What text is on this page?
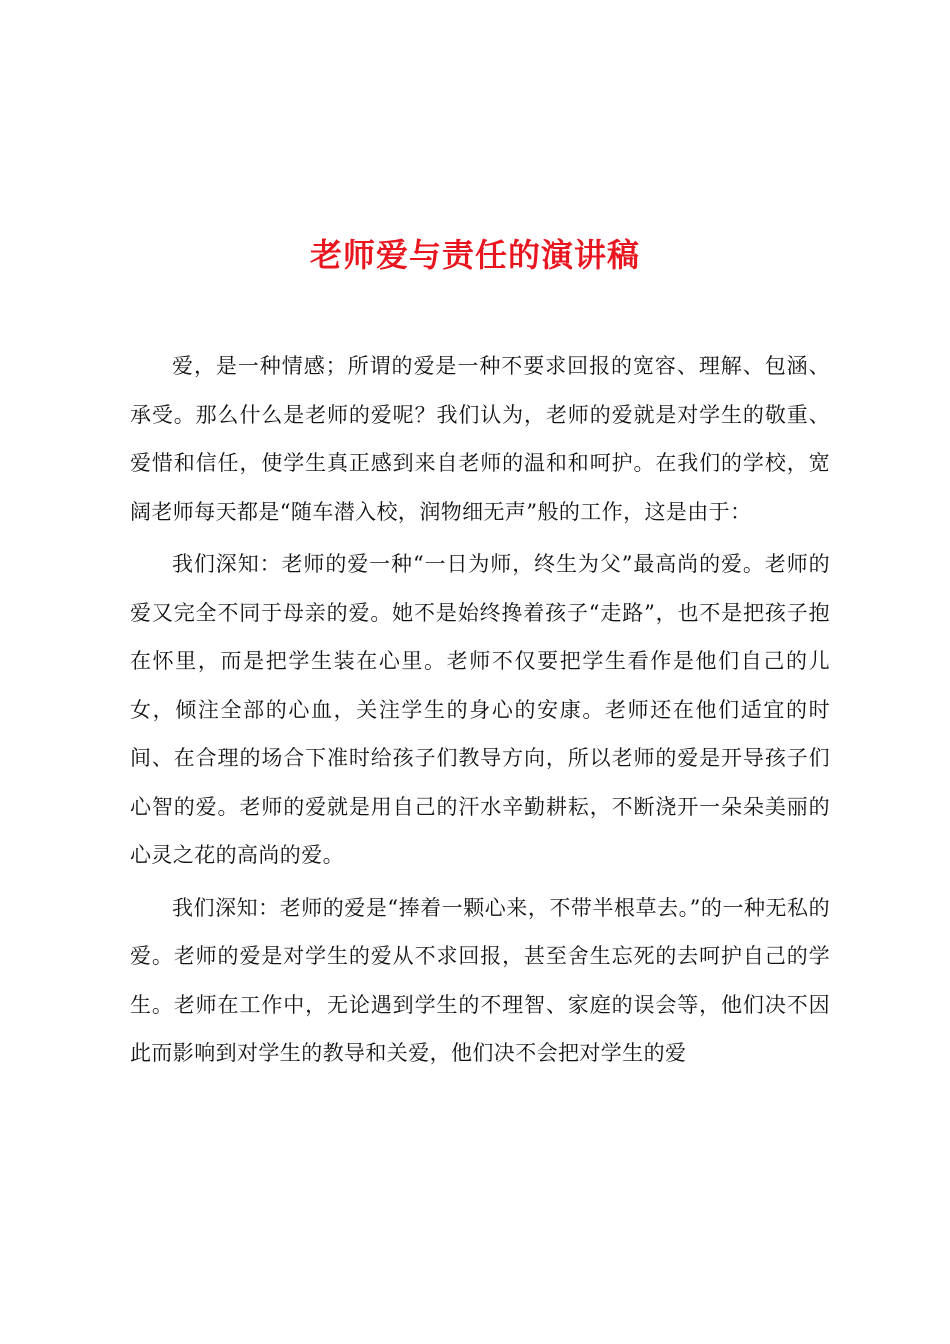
老师爱与责任的演讲稿

爱，是一种情感；所谓的爱是一种不要求回报的宽容、理解、包涵、承受。那么什么是老师的爱呢？我们认为，老师的爱就是对学生的敬重、爱惜和信任，使学生真正感到来自老师的温和和呵护。在我们的学校，宽阔老师每天都是“随车潜入校，润物细无声”般的工作，这是由于：

我们深知：老师的爱一种“一日为师，终生为父”最高尚的爱。老师的爱又完全不同于母亲的爱。她不是始终搀着孩子“走路”，也不是把孩子抱在怀里，而是把学生装在心里。老师不仅要把学生看作是他们自己的儿女，倾注全部的心血，关注学生的身心的安康。老师还在他们适宜的时间、在合理的场合下准时给孩子们教导方向，所以老师的爱是开导孩子们心智的爱。老师的爱就是用自己的汗水辛勤耕耘，不断浇开一朵朵美丽的心灵之花的高尚的爱。

我们深知：老师的爱是“捧着一颗心来，不带半根草去。”的一种无私的爱。老师的爱是对学生的爱从不求回报，甚至舍生忘死的去呵护自己的学生。老师在工作中，无论遇到学生的不理智、家庭的误会等，他们决不因此而影响到对学生的教导和关爱，他们决不会把对学生的爱
